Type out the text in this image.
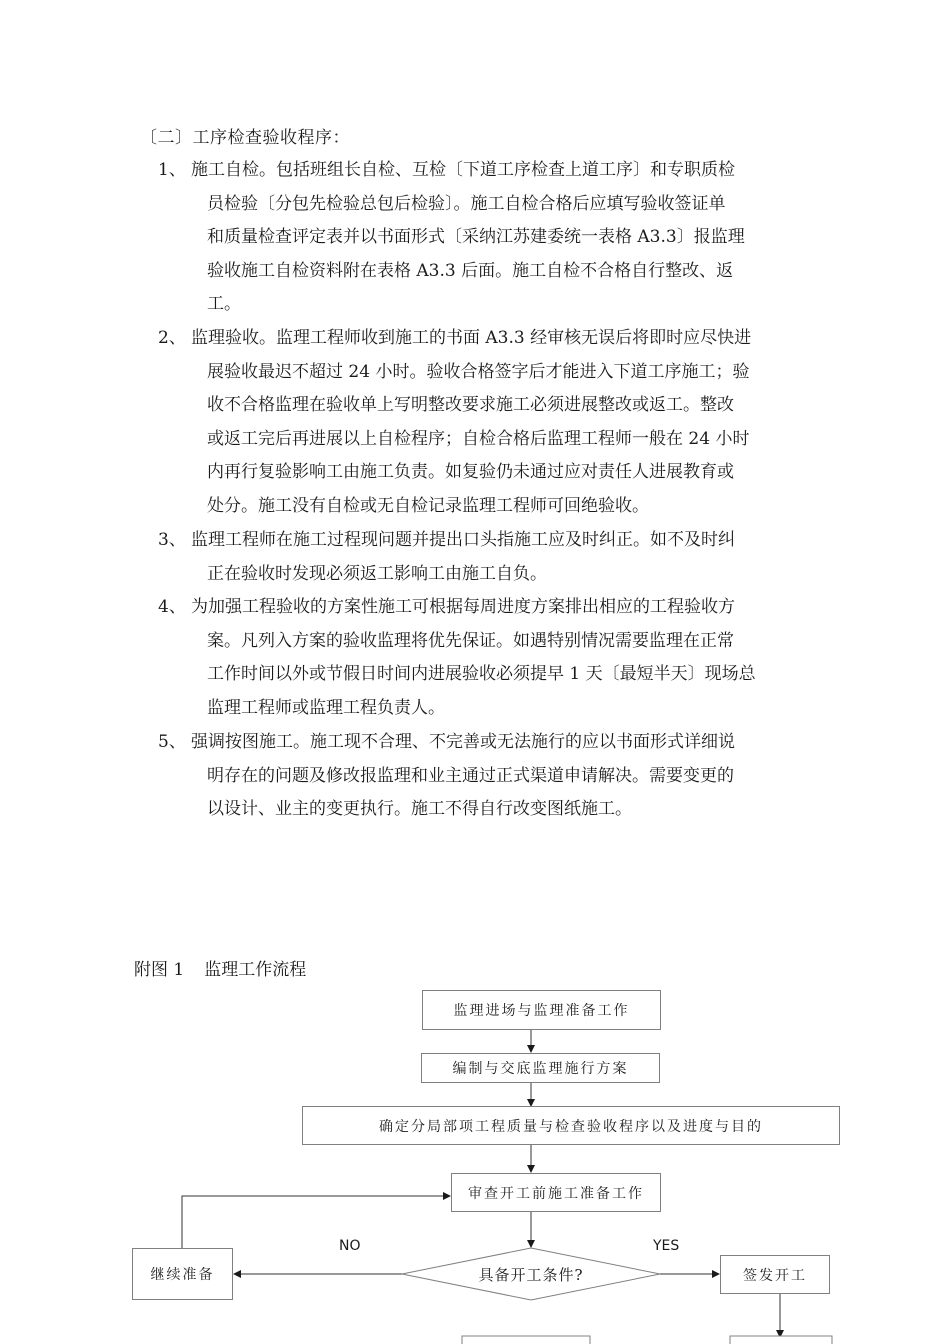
〔二〕工序检查验收程序：
1、 施工自检。包括班组长自检、互检〔下道工序检查上道工序〕和专职质检
员检验〔分包先检验总包后检验〕。施工自检合格后应填写验收签证单
和质量检查评定表并以书面形式〔采纳江苏建委统一表格 A3.3〕报监理
验收施工自检资料附在表格 A3.3 后面。施工自检不合格自行整改、返
工。
2、 监理验收。监理工程师收到施工的书面 A3.3 经审核无误后将即时应尽快进
展验收最迟不超过 24 小时。验收合格签字后才能进入下道工序施工；验
收不合格监理在验收单上写明整改要求施工必须进展整改或返工。整改
或返工完后再进展以上自检程序；自检合格后监理工程师一般在 24 小时
内再行复验影响工由施工负责。如复验仍未通过应对责任人进展教育或
处分。施工没有自检或无自检记录监理工程师可回绝验收。
3、 监理工程师在施工过程现问题并提出口头指施工应及时纠正。如不及时纠
正在验收时发现必须返工影响工由施工自负。
4、 为加强工程验收的方案性施工可根据每周进度方案排出相应的工程验收方
案。凡列入方案的验收监理将优先保证。如遇特别情况需要监理在正常
工作时间以外或节假日时间内进展验收必须提早 1 天〔最短半天〕现场总
监理工程师或监理工程负责人。
5、 强调按图施工。施工现不合理、不完善或无法施行的应以书面形式详细说
明存在的问题及修改报监理和业主通过正式渠道申请解决。需要变更的
以设计、业主的变更执行。施工不得自行改变图纸施工。
附图 1 监理工作流程
监理进场与监理准备工作
编制与交底监理施行方案
确定分局部项工程质量与检查验收程序以及进度与目的
审查开工前施工准备工作
具备开工条件?
继续准备	签发开工
NO	YES
